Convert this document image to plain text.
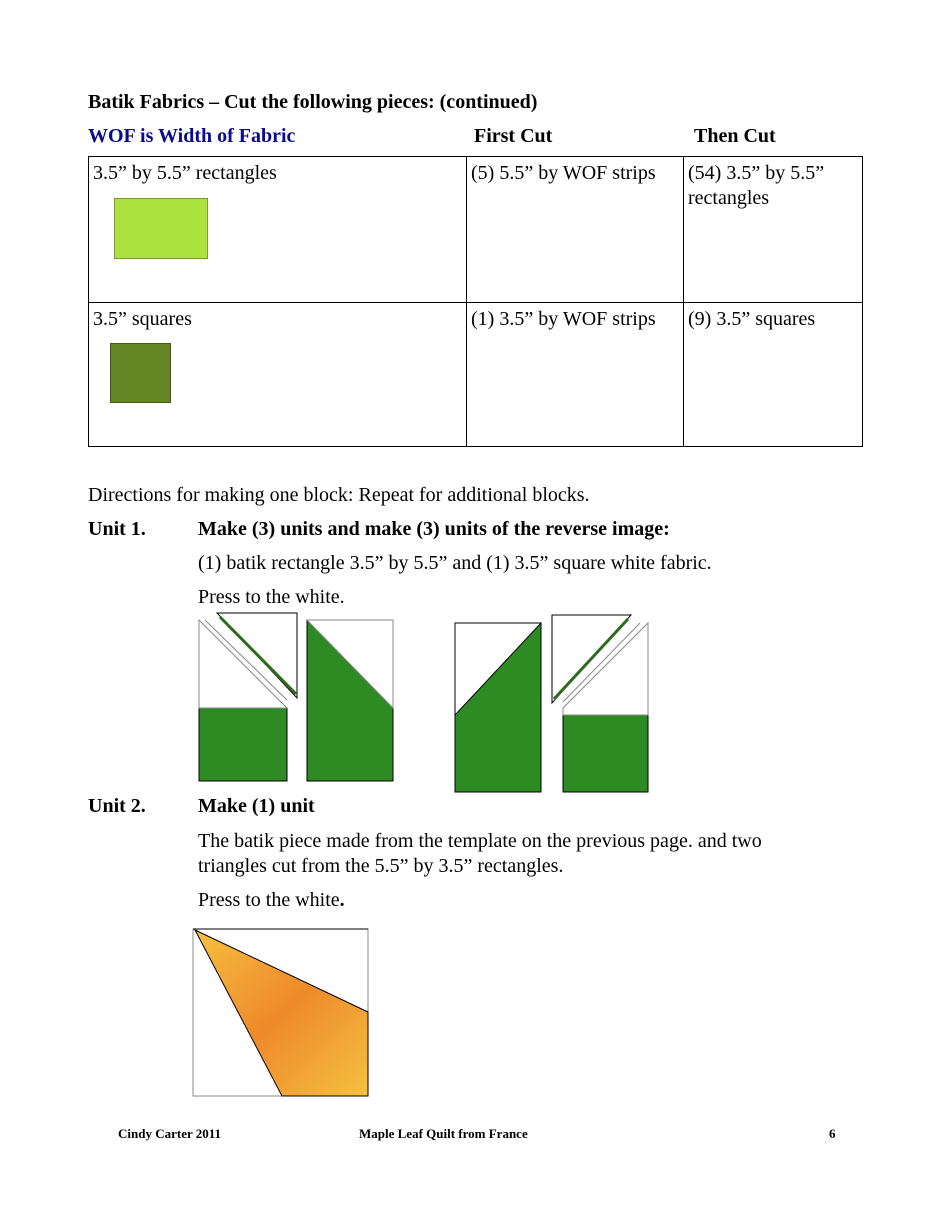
Batik Fabrics – Cut the following pieces: (continued)
WOF is Width of Fabric	First Cut	Then Cut
3.5” by 5.5” rectangles	(5) 5.5” by WOF strips	(54) 3.5” by 5.5” rectangles
3.5” squares	(1) 3.5” by WOF strips	(9) 3.5” squares
Directions for making one block: Repeat for additional blocks.
Unit 1.	Make (3) units and make (3) units of the reverse image:
(1) batik rectangle 3.5” by 5.5” and (1) 3.5” square white fabric.
Press to the white.
Unit 2.	Make (1) unit
The batik piece made from the template on the previous page. and two
triangles cut from the 5.5” by 3.5” rectangles.
Press to the white.
Cindy Carter 2011	Maple Leaf Quilt from France	6
